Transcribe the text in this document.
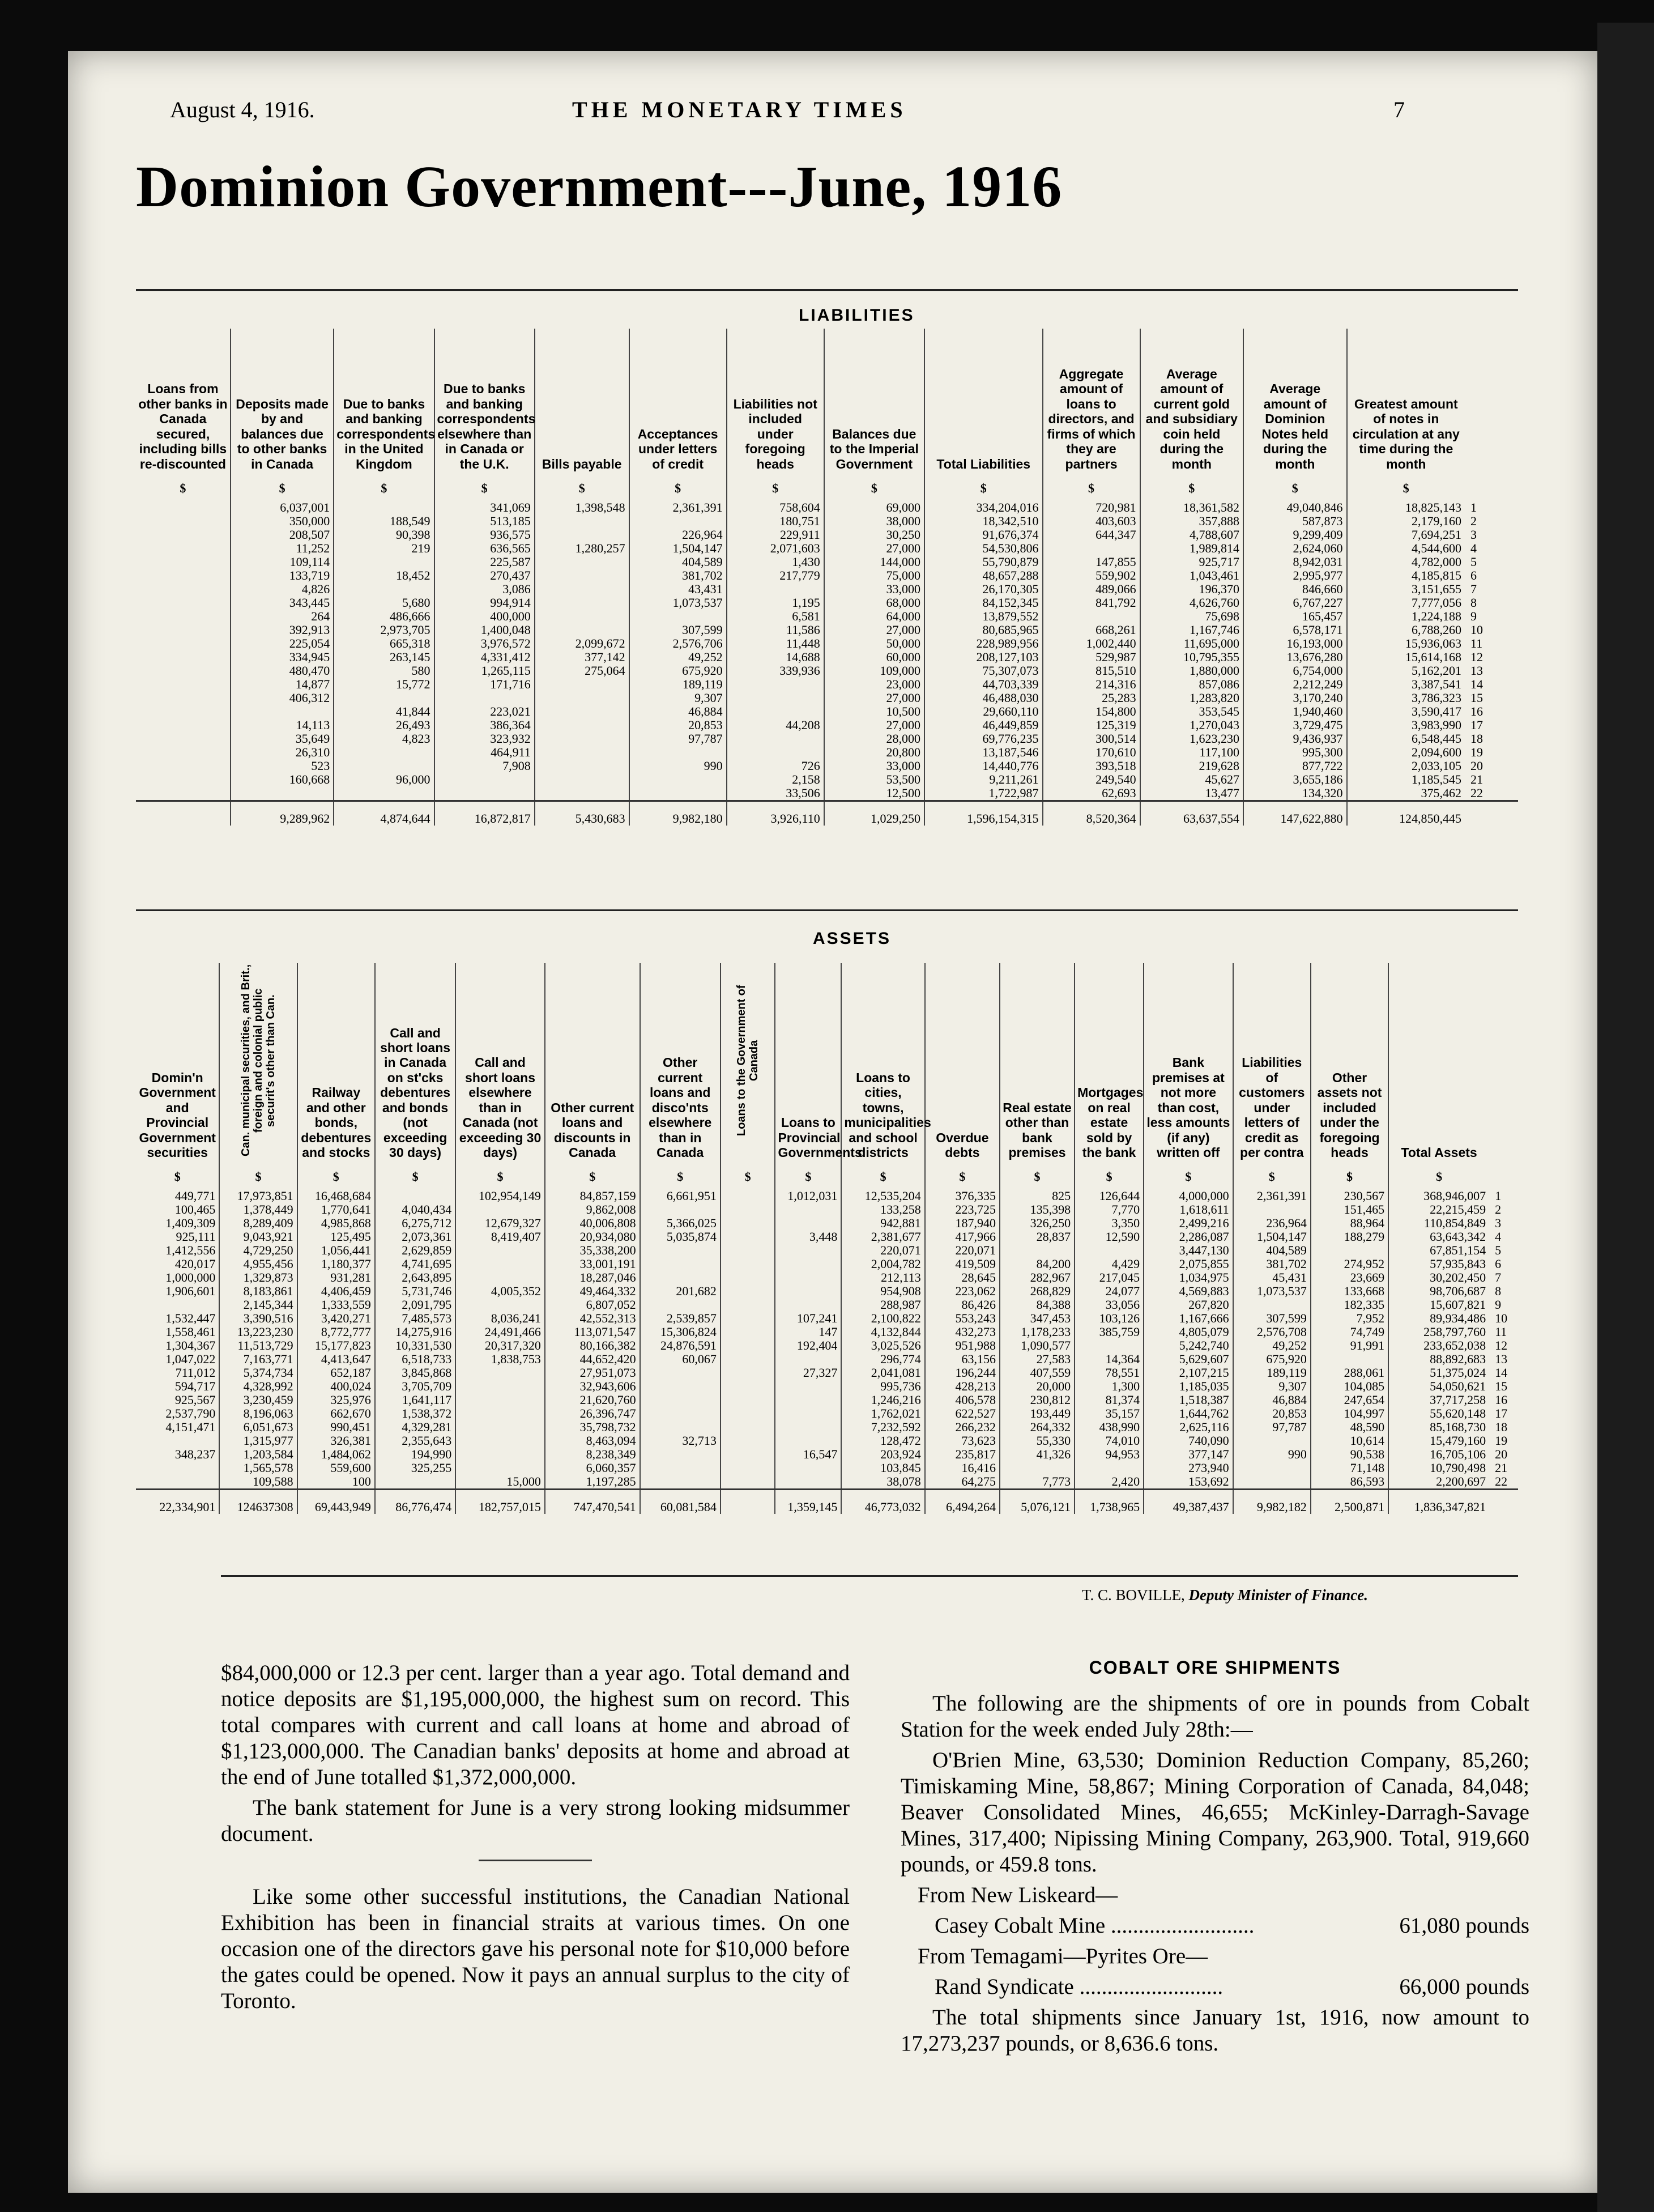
August 4, 1916.	THE MONETARY TIMES	7
Dominion Government---June, 1916
LIABILITIES
Loans from other banks in Canada secured, including bills re-discounted	Deposits made by and balances due to other banks in Canada	Due to banks and banking correspondents in the United Kingdom	Due to banks and banking correspondents elsewhere than in Canada or the U.K.	Bills payable	Acceptances under letters of credit	Liabilities not included under foregoing heads	Balances due to the Imperial Government	Total Liabilities	Aggregate amount of loans to directors, and firms of which they are partners	Average amount of current gold and subsidiary coin held during the month	Average amount of Dominion Notes held during the month	Greatest amount of notes in circulation at any time during the month	
$	$	$	$	$	$	$	$	$	$	$	$	$	
	6,037,001		341,069	1,398,548	2,361,391	758,604	69,000	334,204,016	720,981	18,361,582	49,040,846	18,825,143	1
	350,000	188,549	513,185			180,751	38,000	18,342,510	403,603	357,888	587,873	2,179,160	2
	208,507	90,398	936,575		226,964	229,911	30,250	91,676,374	644,347	4,788,607	9,299,409	7,694,251	3
	11,252	219	636,565	1,280,257	1,504,147	2,071,603	27,000	54,530,806		1,989,814	2,624,060	4,544,600	4
	109,114		225,587		404,589	1,430	144,000	55,790,879	147,855	925,717	8,942,031	4,782,000	5
	133,719	18,452	270,437		381,702	217,779	75,000	48,657,288	559,902	1,043,461	2,995,977	4,185,815	6
	4,826		3,086		43,431		33,000	26,170,305	489,066	196,370	846,660	3,151,655	7
	343,445	5,680	994,914		1,073,537	1,195	68,000	84,152,345	841,792	4,626,760	6,767,227	7,777,056	8
	264	486,666	400,000			6,581	64,000	13,879,552		75,698	165,457	1,224,188	9
	392,913	2,973,705	1,400,048		307,599	11,586	27,000	80,685,965	668,261	1,167,746	6,578,171	6,788,260	10
	225,054	665,318	3,976,572	2,099,672	2,576,706	11,448	50,000	228,989,956	1,002,440	11,695,000	16,193,000	15,936,063	11
	334,945	263,145	4,331,412	377,142	49,252	14,688	60,000	208,127,103	529,987	10,795,355	13,676,280	15,614,168	12
	480,470	580	1,265,115	275,064	675,920	339,936	109,000	75,307,073	815,510	1,880,000	6,754,000	5,162,201	13
	14,877	15,772	171,716		189,119		23,000	44,703,339	214,316	857,086	2,212,249	3,387,541	14
	406,312				9,307		27,000	46,488,030	25,283	1,283,820	3,170,240	3,786,323	15
		41,844	223,021		46,884		10,500	29,660,110	154,800	353,545	1,940,460	3,590,417	16
	14,113	26,493	386,364		20,853	44,208	27,000	46,449,859	125,319	1,270,043	3,729,475	3,983,990	17
	35,649	4,823	323,932		97,787		28,000	69,776,235	300,514	1,623,230	9,436,937	6,548,445	18
	26,310		464,911				20,800	13,187,546	170,610	117,100	995,300	2,094,600	19
	523		7,908		990	726	33,000	14,440,776	393,518	219,628	877,722	2,033,105	20
	160,668	96,000				2,158	53,500	9,211,261	249,540	45,627	3,655,186	1,185,545	21
						33,506	12,500	1,722,987	62,693	13,477	134,320	375,462	22
	9,289,962	4,874,644	16,872,817	5,430,683	9,982,180	3,926,110	1,029,250	1,596,154,315	8,520,364	63,637,554	147,622,880	124,850,445	
ASSETS
Domin'n Government and Provincial Government securities	Can. municipal securities, and Brit., foreign and colonial public securit's other than Can.	Railway and other bonds, debentures and stocks	Call and short loans in Canada on st'cks debentures and bonds (not exceeding 30 days)	Call and short loans elsewhere than in Canada (not exceeding 30 days)	Other current loans and discounts in Canada	Other current loans and disco'nts elsewhere than in Canada	Loans to the Government of Canada	Loans to Provincial Governments	Loans to cities, towns, municipalities and school districts	Overdue debts	Real estate other than bank premises	Mortgages on real estate sold by the bank	Bank premises at not more than cost, less amounts (if any) written off	Liabilities of customers under letters of credit as per contra	Other assets not included under the foregoing heads	Total Assets	
$	$	$	$	$	$	$	$	$	$	$	$	$	$	$	$	$	
449,771	17,973,851	16,468,684		102,954,149	84,857,159	6,661,951		1,012,031	12,535,204	376,335	825	126,644	4,000,000	2,361,391	230,567	368,946,007	1
100,465	1,378,449	1,770,641	4,040,434		9,862,008				133,258	223,725	135,398	7,770	1,618,611		151,465	22,215,459	2
1,409,309	8,289,409	4,985,868	6,275,712	12,679,327	40,006,808	5,366,025			942,881	187,940	326,250	3,350	2,499,216	236,964	88,964	110,854,849	3
925,111	9,043,921	125,495	2,073,361	8,419,407	20,934,080	5,035,874		3,448	2,381,677	417,966	28,837	12,590	2,286,087	1,504,147	188,279	63,643,342	4
1,412,556	4,729,250	1,056,441	2,629,859		35,338,200				220,071	220,071			3,447,130	404,589		67,851,154	5
420,017	4,955,456	1,180,377	4,741,695		33,001,191				2,004,782	419,509	84,200	4,429	2,075,855	381,702	274,952	57,935,843	6
1,000,000	1,329,873	931,281	2,643,895		18,287,046				212,113	28,645	282,967	217,045	1,034,975	45,431	23,669	30,202,450	7
1,906,601	8,183,861	4,406,459	5,731,746	4,005,352	49,464,332	201,682			954,908	223,062	268,829	24,077	4,569,883	1,073,537	133,668	98,706,687	8
	2,145,344	1,333,559	2,091,795		6,807,052				288,987	86,426	84,388	33,056	267,820		182,335	15,607,821	9
1,532,447	3,390,516	3,420,271	7,485,573	8,036,241	42,552,313	2,539,857		107,241	2,100,822	553,243	347,453	103,126	1,167,666	307,599	7,952	89,934,486	10
1,558,461	13,223,230	8,772,777	14,275,916	24,491,466	113,071,547	15,306,824		147	4,132,844	432,273	1,178,233	385,759	4,805,079	2,576,708	74,749	258,797,760	11
1,304,367	11,513,729	15,177,823	10,331,530	20,317,320	80,166,382	24,876,591		192,404	3,025,526	951,988	1,090,577		5,242,740	49,252	91,991	233,652,038	12
1,047,022	7,163,771	4,413,647	6,518,733	1,838,753	44,652,420	60,067			296,774	63,156	27,583	14,364	5,629,607	675,920		88,892,683	13
711,012	5,374,734	652,187	3,845,868		27,951,073			27,327	2,041,081	196,244	407,559	78,551	2,107,215	189,119	288,061	51,375,024	14
594,717	4,328,992	400,024	3,705,709		32,943,606				995,736	428,213	20,000	1,300	1,185,035	9,307	104,085	54,050,621	15
925,567	3,230,459	325,976	1,641,117		21,620,760				1,246,216	406,578	230,812	81,374	1,518,387	46,884	247,654	37,717,258	16
2,537,790	8,196,063	662,670	1,538,372		26,396,747				1,762,021	622,527	193,449	35,157	1,644,762	20,853	104,997	55,620,148	17
4,151,471	6,051,673	990,451	4,329,281		35,798,732				7,232,592	266,232	264,332	438,990	2,625,116	97,787	48,590	85,168,730	18
	1,315,977	326,381	2,355,643		8,463,094	32,713			128,472	73,623	55,330	74,010	740,090		10,614	15,479,160	19
348,237	1,203,584	1,484,062	194,990		8,238,349			16,547	203,924	235,817	41,326	94,953	377,147	990	90,538	16,705,106	20
	1,565,578	559,600	325,255		6,060,357				103,845	16,416			273,940		71,148	10,790,498	21
	109,588	100		15,000	1,197,285				38,078	64,275	7,773	2,420	153,692		86,593	2,200,697	22
22,334,901	124637308	69,443,949	86,776,474	182,757,015	747,470,541	60,081,584		1,359,145	46,773,032	6,494,264	5,076,121	1,738,965	49,387,437	9,982,182	2,500,871	1,836,347,821	
T. C. BOVILLE, Deputy Minister of Finance.

$84,000,000 or 12.3 per cent. larger than a year ago. Total demand and notice deposits are $1,195,000,000, the highest sum on record. This total compares with current and call loans at home and abroad of $1,123,000,000. The Canadian banks' deposits at home and abroad at the end of June totalled $1,372,000,000.

The bank statement for June is a very strong looking midsummer document.

Like some other successful institutions, the Canadian National Exhibition has been in financial straits at various times. On one occasion one of the directors gave his personal note for $10,000 before the gates could be opened. Now it pays an annual surplus to the city of Toronto.

COBALT ORE SHIPMENTS

The following are the shipments of ore in pounds from Cobalt Station for the week ended July 28th:—

O'Brien Mine, 63,530; Dominion Reduction Company, 85,260; Timiskaming Mine, 58,867; Mining Corporation of Canada, 84,048; Beaver Consolidated Mines, 46,655; McKinley-Darragh-Savage Mines, 317,400; Nipissing Mining Company, 263,900. Total, 919,660 pounds, or 459.8 tons.

From New Liskeard—

Casey Cobalt Mine ..........................	61,080 pounds

From Temagami—Pyrites Ore—

Rand Syndicate ..........................	66,000 pounds

The total shipments since January 1st, 1916, now amount to 17,273,237 pounds, or 8,636.6 tons.
